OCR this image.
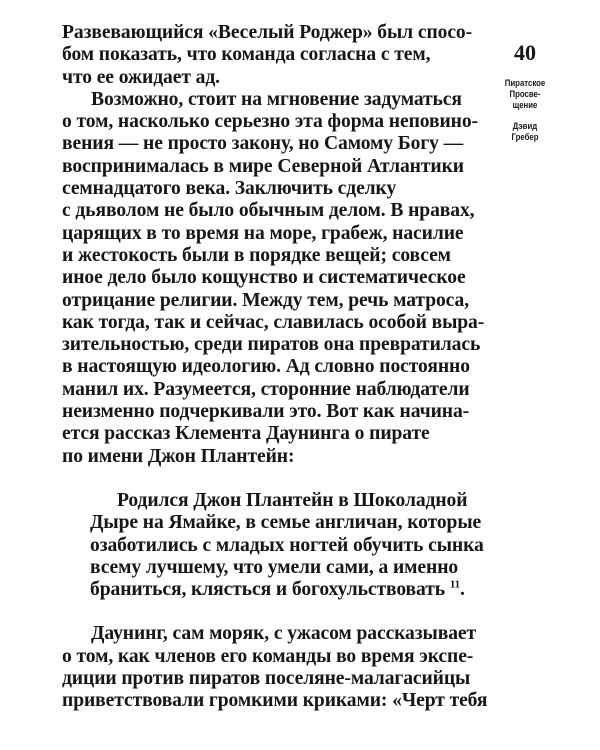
Развевающийся «Веселый Роджер» был спосо-
бом показать, что команда согласна с тем,
что ее ожидает ад.
Возможно, стоит на мгновение задуматься
о том, насколько серьезно эта форма неповино-
вения — не просто закону, но Самому Богу —
воспринималась в мире Северной Атлантики
семнадцатого века. Заключить сделку
с дьяволом не было обычным делом. В нравах,
царящих в то время на море, грабеж, насилие
и жестокость были в порядке вещей; совсем
иное дело было кощунство и систематическое
отрицание религии. Между тем, речь матроса,
как тогда, так и сейчас, славилась особой выра-
зительностью, среди пиратов она превратилась
в настоящую идеологию. Ад словно постоянно
манил их. Разумеется, сторонние наблюдатели
неизменно подчеркивали это. Вот как начина-
ется рассказ Клемента Даунинга о пирате
по имени Джон Плантейн:
Родился Джон Плантейн в Шоколадной
Дыре на Ямайке, в семье англичан, которые
озаботились с младых ногтей обучить сынка
всему лучшему, что умели сами, а именно
браниться, клясться и богохульствовать $^{11}$.
Даунинг, сам моряк, с ужасом рассказывает
о том, как членов его команды во время экспе-
диции против пиратов поселяне-малагасийцы
приветствовали громкими криками: «Черт тебя
40
Пиратское
Просве-
щение
Дэвид
Гребер
